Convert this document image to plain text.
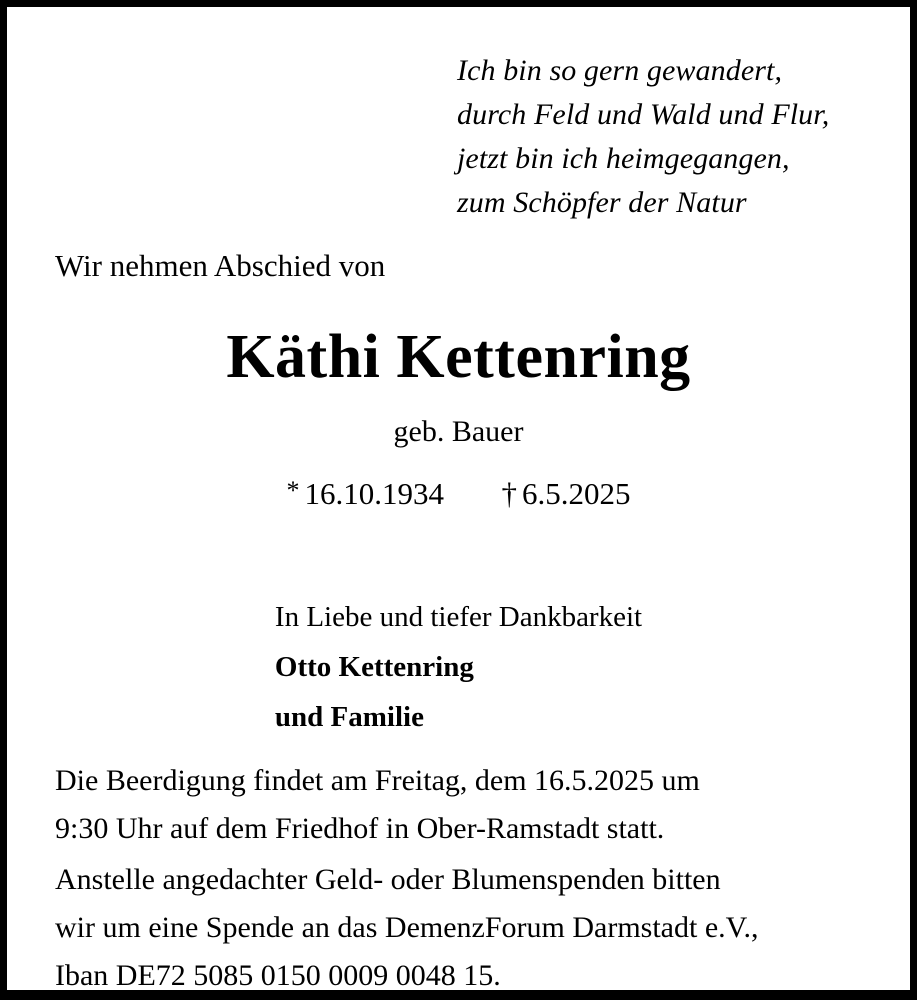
Ich bin so gern gewandert,
durch Feld und Wald und Flur,
jetzt bin ich heimgegangen,
zum Schöpfer der Natur
Wir nehmen Abschied von
Käthi Kettenring
geb. Bauer
* 16.10.1934 † 6.5.2025
In Liebe und tiefer Dankbarkeit
Otto Kettenring
und Familie
Die Beerdigung findet am Freitag, dem 16.5.2025 um9:30 Uhr auf dem Friedhof in Ober-Ramstadt statt.
Anstelle angedachter Geld- oder Blumenspenden bittenwir um eine Spende an das DemenzForum Darmstadt e.V.,Iban DE72 5085 0150 0009 0048 15.
